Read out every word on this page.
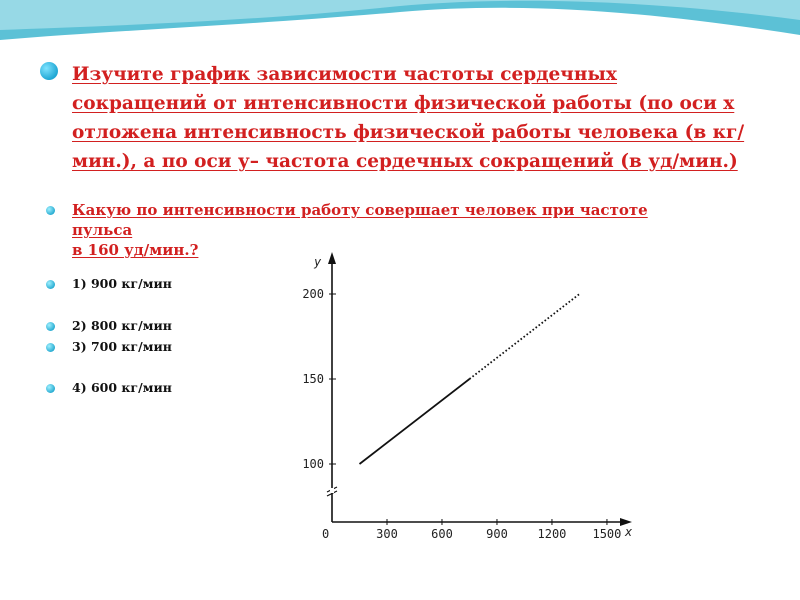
Изучите график зависимости частоты сердечных сокращений от интенсивности физической работы (по оси х отложена интенсивность физической работы человека (в кг/мин.), а по оси у– частота сердечных сокращений (в уд/мин.)
Какую по интенсивности работу совершает человек при частоте
пульса
в 160 уд/мин.?
1) 900 кг/мин
2) 800 кг/мин
3) 700 кг/мин
4) 600 кг/мин
y
x
0	300	600	900 1200 1500
100
150
200
